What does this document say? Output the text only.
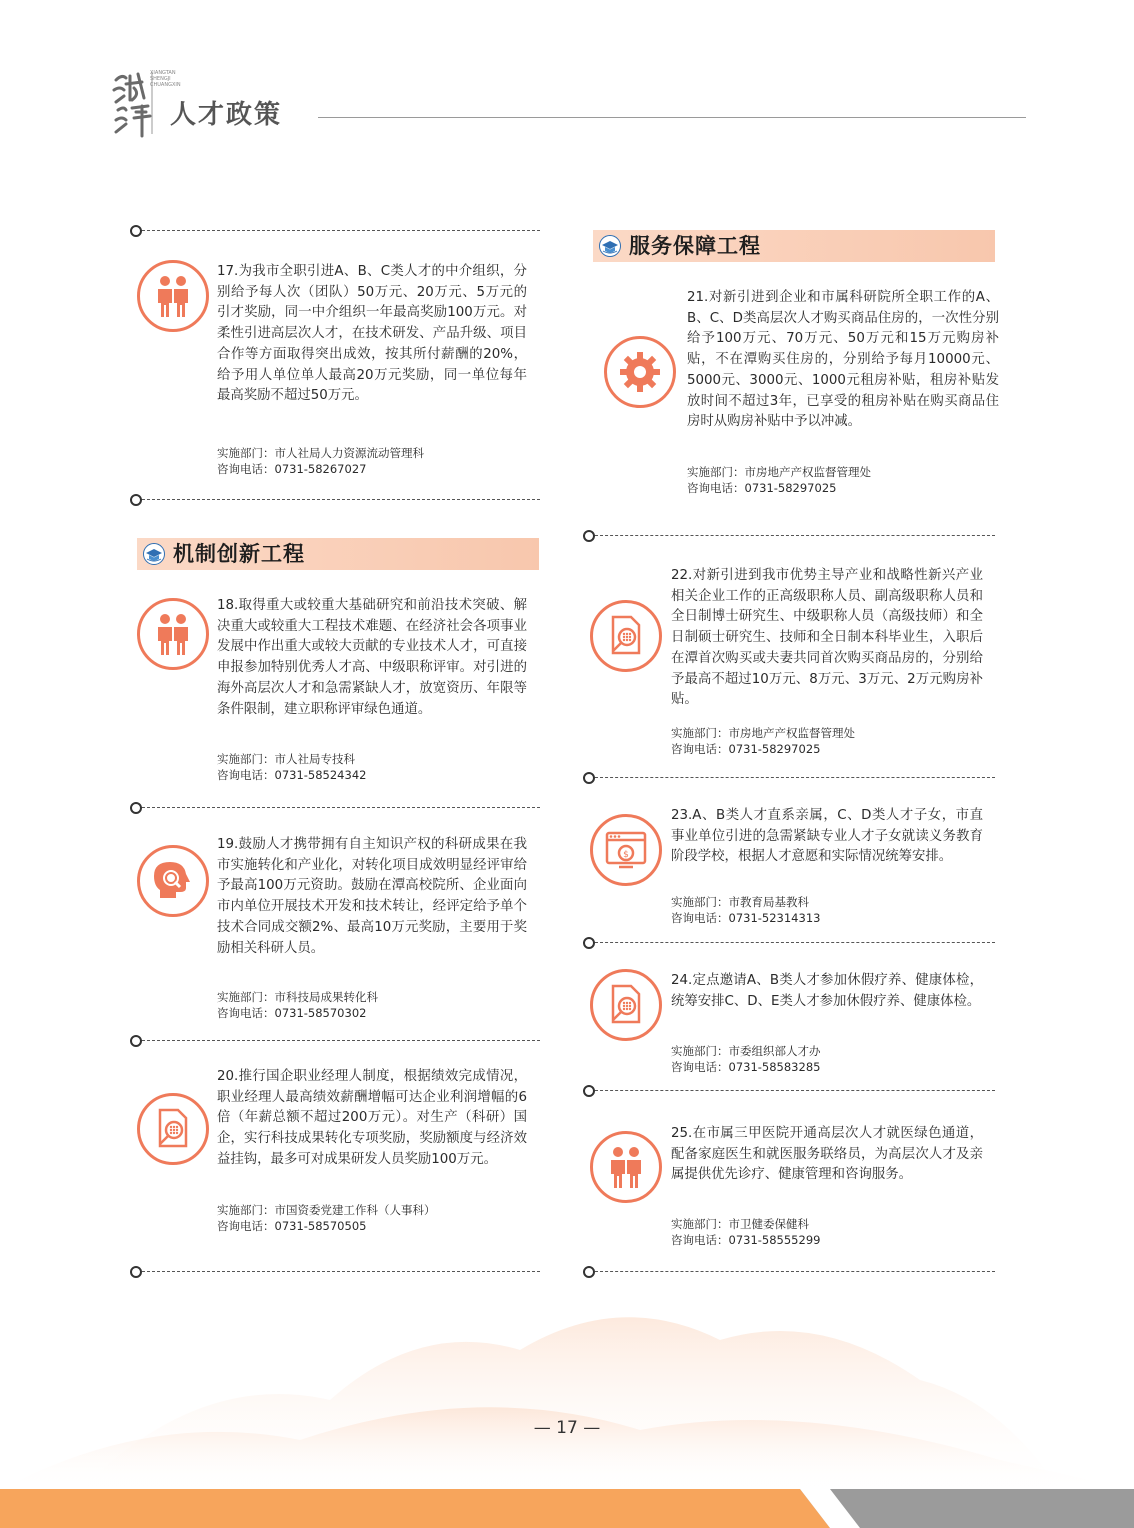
XIANGTAN SHENGJI CHUANGXIN
人才政策
17.为我市全职引进A、B、C类人才的中介组织，分别给予每人次（团队）50万元、20万元、5万元的引才奖励，同一中介组织一年最高奖励100万元。对柔性引进高层次人才，在技术研发、产品升级、项目合作等方面取得突出成效，按其所付薪酬的20%，给予用人单位单人最高20万元奖励，同一单位每年最高奖励不超过50万元。
实施部门：市人社局人力资源流动管理科
咨询电话：0731-58267027
机制创新工程
18.取得重大或较重大基础研究和前沿技术突破、解决重大或较重大工程技术难题、在经济社会各项事业发展中作出重大或较大贡献的专业技术人才，可直接申报参加特别优秀人才高、中级职称评审。对引进的海外高层次人才和急需紧缺人才，放宽资历、年限等条件限制，建立职称评审绿色通道。
实施部门：市人社局专技科
咨询电话：0731-58524342
19.鼓励人才携带拥有自主知识产权的科研成果在我市实施转化和产业化，对转化项目成效明显经评审给予最高100万元资助。鼓励在潭高校院所、企业面向市内单位开展技术开发和技术转让，经评定给予单个技术合同成交额2%、最高10万元奖励，主要用于奖励相关科研人员。
实施部门：市科技局成果转化科
咨询电话：0731-58570302
20.推行国企职业经理人制度，根据绩效完成情况，职业经理人最高绩效薪酬增幅可达企业利润增幅的6倍（年薪总额不超过200万元）。对生产（科研）国企，实行科技成果转化专项奖励，奖励额度与经济效益挂钩，最多可对成果研发人员奖励100万元。
实施部门：市国资委党建工作科（人事科）
咨询电话：0731-58570505
服务保障工程
21.对新引进到企业和市属科研院所全职工作的A、B、C、D类高层次人才购买商品住房的，一次性分别给予100万元、70万元、50万元和15万元购房补贴，不在潭购买住房的，分别给予每月10000元、5000元、3000元、1000元租房补贴，租房补贴发放时间不超过3年，已享受的租房补贴在购买商品住房时从购房补贴中予以冲减。
实施部门：市房地产产权监督管理处
咨询电话：0731-58297025
22.对新引进到我市优势主导产业和战略性新兴产业相关企业工作的正高级职称人员、副高级职称人员和全日制博士研究生、中级职称人员（高级技师）和全日制硕士研究生、技师和全日制本科毕业生，入职后在潭首次购买或夫妻共同首次购买商品房的，分别给予最高不超过10万元、8万元、3万元、2万元购房补贴。
实施部门：市房地产产权监督管理处
咨询电话：0731-58297025
$
23.A、B类人才直系亲属，C、D类人才子女，市直事业单位引进的急需紧缺专业人才子女就读义务教育阶段学校，根据人才意愿和实际情况统筹安排。
实施部门：市教育局基教科
咨询电话：0731-52314313
24.定点邀请A、B类人才参加休假疗养、健康体检，统筹安排C、D、E类人才参加休假疗养、健康体检。
实施部门：市委组织部人才办
咨询电话：0731-58583285
25.在市属三甲医院开通高层次人才就医绿色通道，配备家庭医生和就医服务联络员，为高层次人才及亲属提供优先诊疗、健康管理和咨询服务。
实施部门：市卫健委保健科
咨询电话：0731-58555299
— 17 —
